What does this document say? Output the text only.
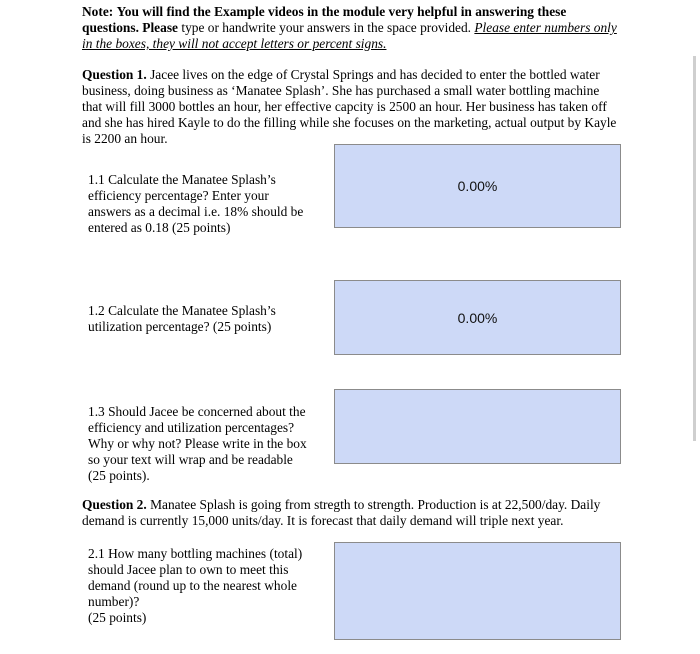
Note: You will find the Example videos in the module very helpful in answering these questions. Please type or handwrite your answers in the space provided. Please enter numbers only in the boxes, they will not accept letters or percent signs.
Question 1. Jacee lives on the edge of Crystal Springs and has decided to enter the bottled water business, doing business as ‘Manatee Splash’. She has purchased a small water bottling machine that will fill 3000 bottles an hour, her effective capcity is 2500 an hour. Her business has taken off and she has hired Kayle to do the filling while she focuses on the marketing, actual output by Kayle is 2200 an hour.
1.1 Calculate the Manatee Splash’s efficiency percentage? Enter your answers as a decimal i.e. 18% should be entered as 0.18 (25 points)
0.00%
1.2 Calculate the Manatee Splash’s utilization percentage? (25 points)
0.00%
1.3 Should Jacee be concerned about the efficiency and utilization percentages? Why or why not? Please write in the box so your text will wrap and be readable (25 points).
Question 2. Manatee Splash is going from stregth to strength. Production is at 22,500/day. Daily demand is currently 15,000 units/day. It is forecast that daily demand will triple next year.
2.1 How many bottling machines (total) should Jacee plan to own to meet this demand (round up to the nearest whole number)?
(25 points)
